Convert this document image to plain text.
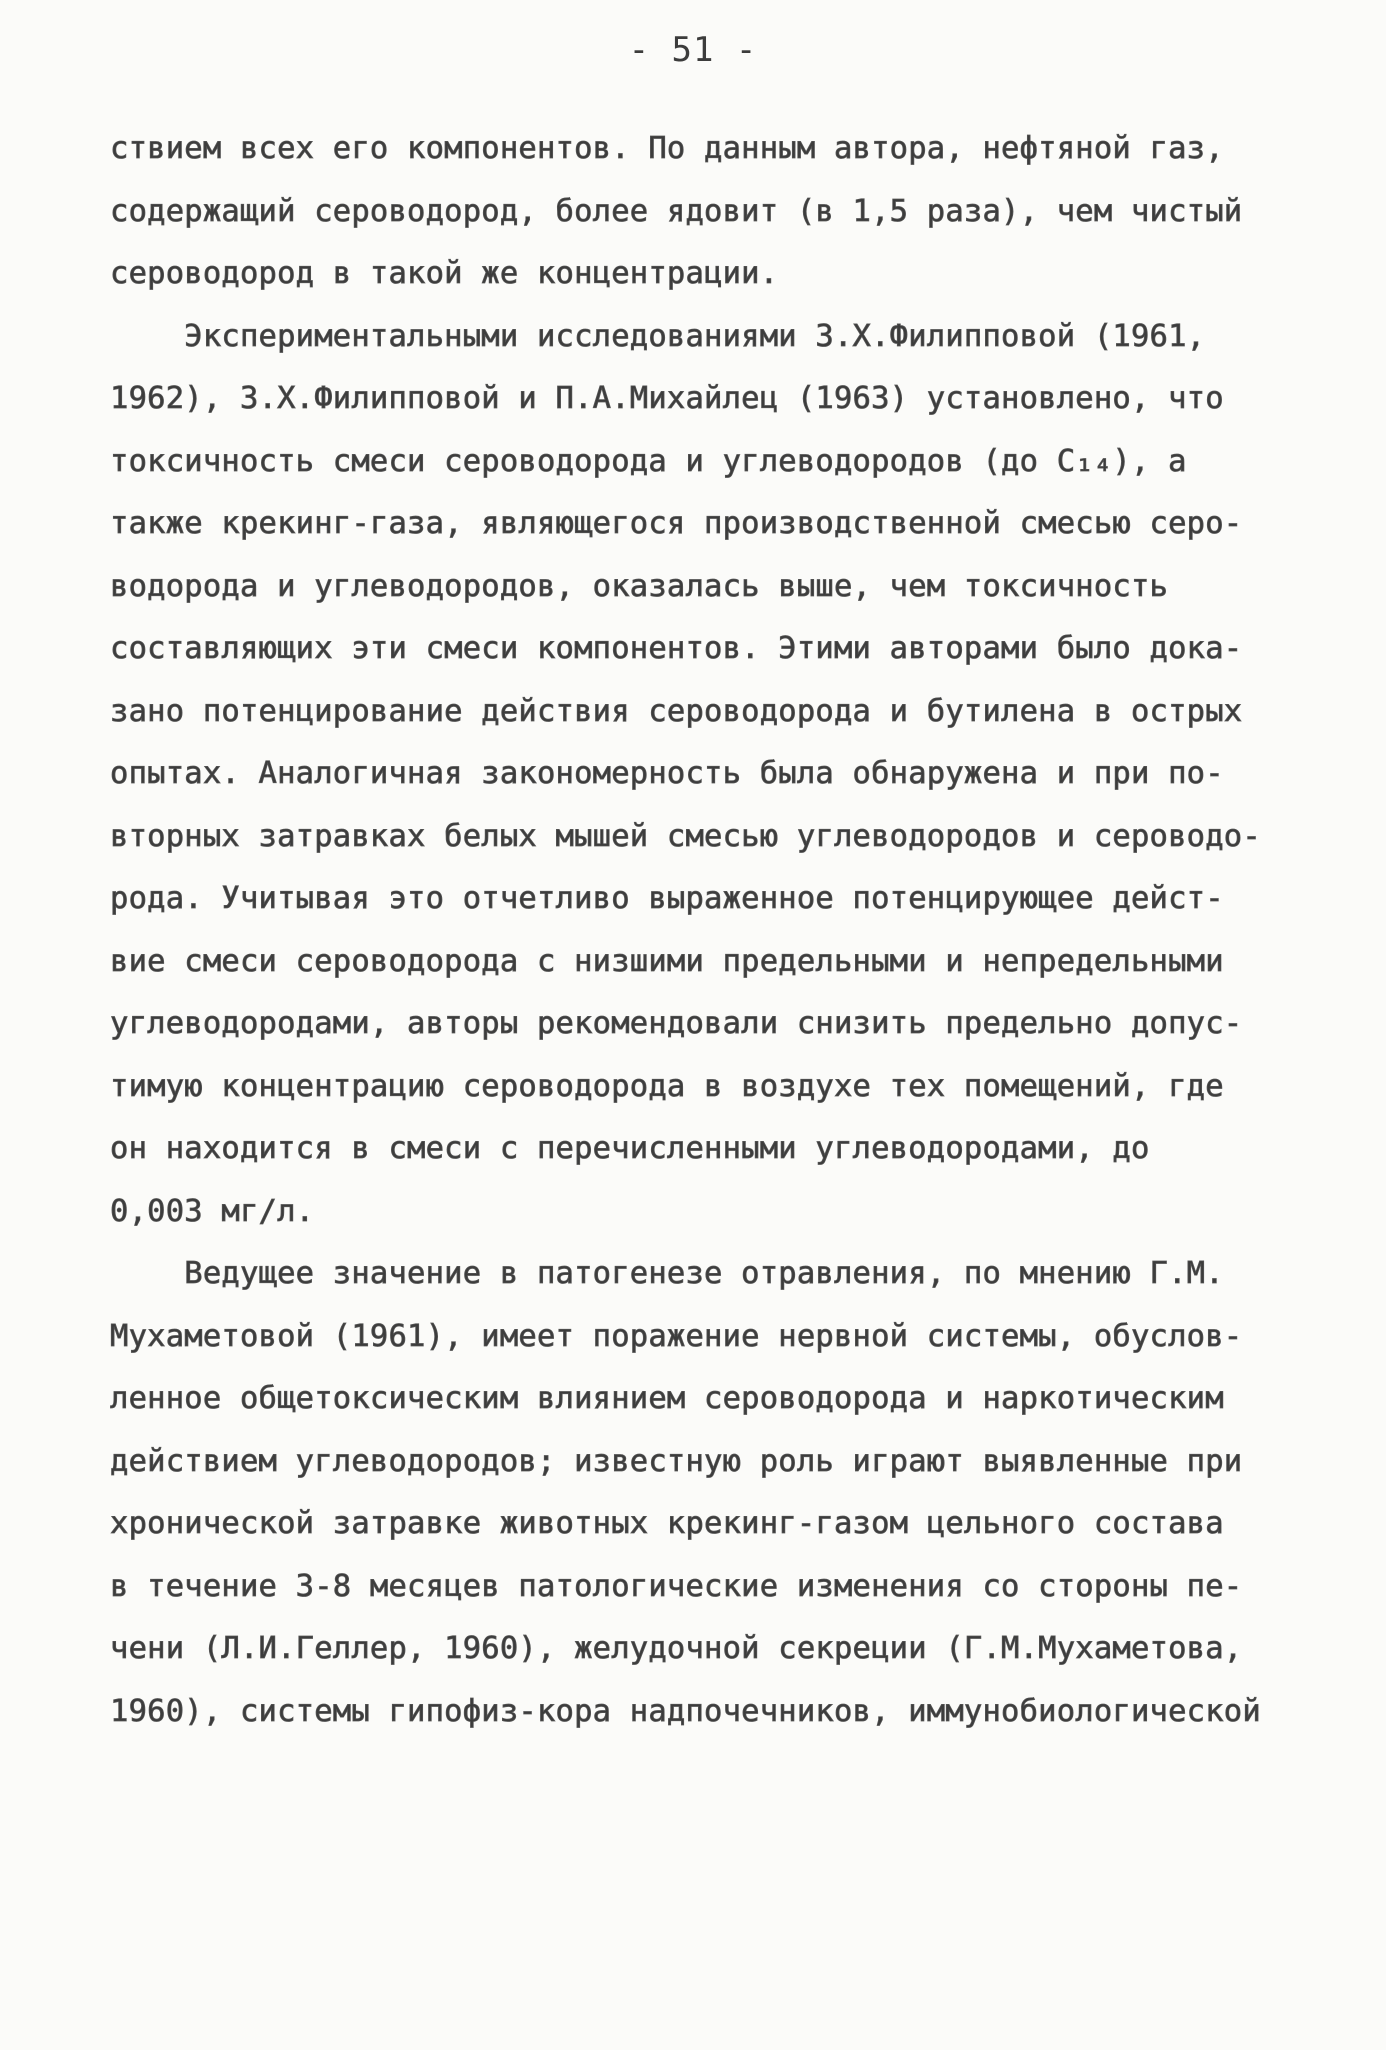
- 51 -
ствием всех его компонентов. По данным автора, нефтяной газ,
содержащий сероводород, более ядовит (в 1,5 раза), чем чистый
сероводород в такой же концентрации.
Экспериментальными исследованиями З.Х.Филипповой (1961,
1962), З.Х.Филипповой и П.А.Михайлец (1963) установлено, что
токсичность смеси сероводорода и углеводородов (до C₁₄), а
также крекинг-газа, являющегося производственной смесью серо-
водорода и углеводородов, оказалась выше, чем токсичность
составляющих эти смеси компонентов. Этими авторами было дока-
зано потенцирование действия сероводорода и бутилена в острых
опытах. Аналогичная закономерность была обнаружена и при по-
вторных затравках белых мышей смесью углеводородов и сероводо-
рода. Учитывая это отчетливо выраженное потенцирующее дейст-
вие смеси сероводорода с низшими предельными и непредельными
углеводородами, авторы рекомендовали снизить предельно допус-
тимую концентрацию сероводорода в воздухе тех помещений, где
он находится в смеси с перечисленными углеводородами, до
0,003 мг/л.
Ведущее значение в патогенезе отравления, по мнению Г.М.
Мухаметовой (1961), имеет поражение нервной системы, обуслов-
ленное общетоксическим влиянием сероводорода и наркотическим
действием углеводородов; известную роль играют выявленные при
хронической затравке животных крекинг-газом цельного состава
в течение 3-8 месяцев патологические изменения со стороны пе-
чени (Л.И.Геллер, 1960), желудочной секреции (Г.М.Мухаметова,
1960), системы гипофиз-кора надпочечников, иммунобиологической
